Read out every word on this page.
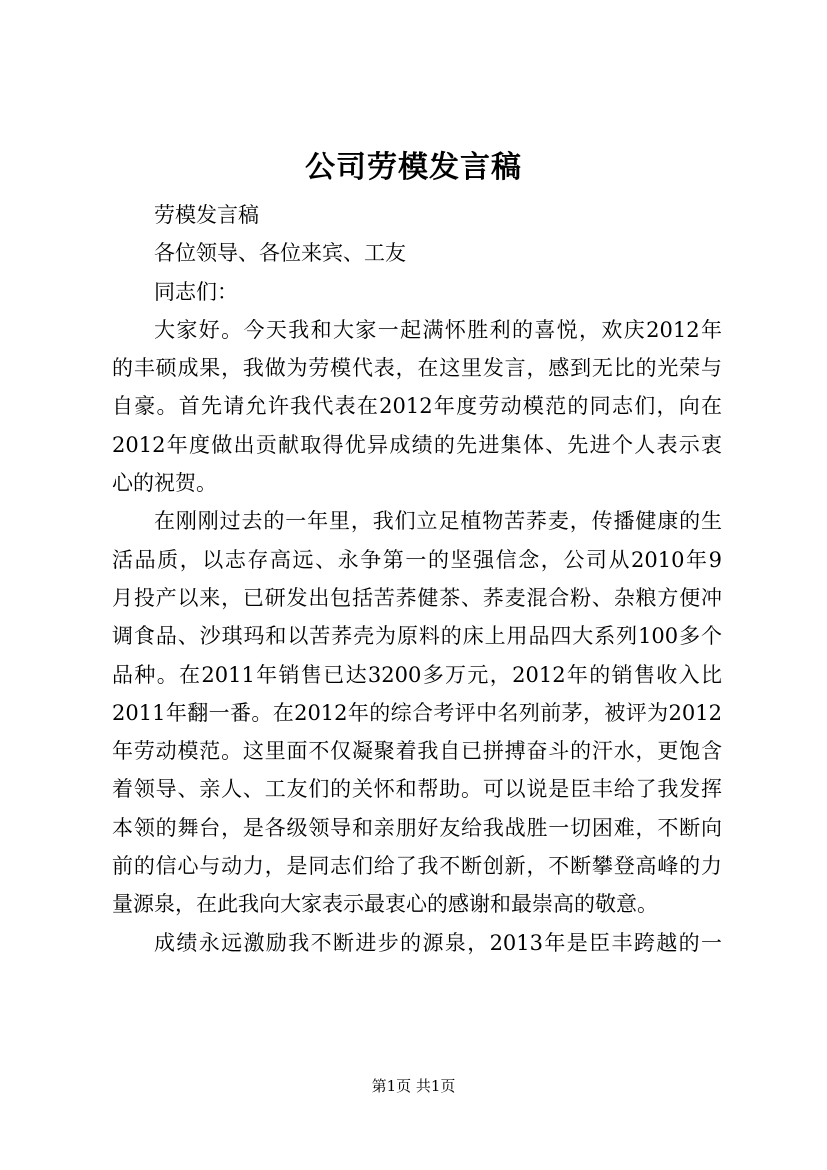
公司劳模发言稿
劳模发言稿
各位领导、各位来宾、工友
同志们：
大家好。今天我和大家一起满怀胜利的喜悦，欢庆2012年
的丰硕成果，我做为劳模代表，在这里发言，感到无比的光荣与
自豪。首先请允许我代表在2012年度劳动模范的同志们，向在
2012年度做出贡献取得优异成绩的先进集体、先进个人表示衷
心的祝贺。
在刚刚过去的一年里，我们立足植物苦荞麦，传播健康的生
活品质，以志存高远、永争第一的坚强信念，公司从2010年9
月投产以来，已研发出包括苦荞健茶、荞麦混合粉、杂粮方便冲
调食品、沙琪玛和以苦荞壳为原料的床上用品四大系列100多个
品种。在2011年销售已达3200多万元，2012年的销售收入比
2011年翻一番。在2012年的综合考评中名列前茅，被评为2012
年劳动模范。这里面不仅凝聚着我自已拼搏奋斗的汗水，更饱含
着领导、亲人、工友们的关怀和帮助。可以说是臣丰给了我发挥
本领的舞台，是各级领导和亲朋好友给我战胜一切困难，不断向
前的信心与动力，是同志们给了我不断创新，不断攀登高峰的力
量源泉，在此我向大家表示最衷心的感谢和最崇高的敬意。
成绩永远激励我不断进步的源泉，2013年是臣丰跨越的一
第1页 共1页
